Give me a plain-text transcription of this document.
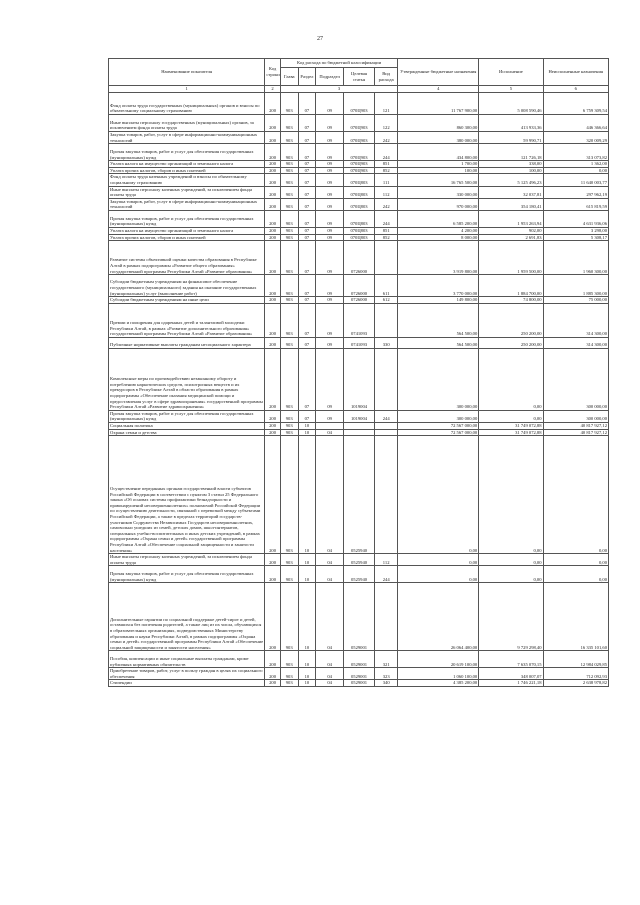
27
Наименование показателя	Код строки	Код расхода по бюджетной классификации					Утвержденные бюджетные назначения	Исполнение	Неисполненные назначения
		Глава	Раздел	Подраздел	Целевая статья	Вид расхода			
1	2	3					4	5	6
Фонд оплаты труда государственных (муниципальных) органов и взносы по обязательному социальному страхованию	200	903	07	09	070Ц903	121	11 767 900,00	5 008 590,46	6 759 309,54
Иные выплаты персоналу государственных (муниципальных) органов, за исключением фонда оплаты труда	200	903	07	09	070Ц903	122	860 300,00	413 933,36	446 366,64
Закупка товаров, работ, услуг в сфере информационно-коммуникационных технологий	200	903	07	09	070Ц903	242	380 000,00	59 990,71	320 009,29
Прочая закупка товаров, работ и услуг для обеспечения государственных (муниципальных) нужд	200	903	07	09	070Ц903	244	434 800,00	121 726,18	313 073,82
Уплата налога на имущество организаций и земельного налога	200	903	07	09	070Ц903	851	1 700,00	338,00	1 362,00
Уплата прочих налогов, сборов и иных платежей	200	903	07	09	070Ц903	852	100,00	100,00	0,00
Фонд оплаты труда казенных учреждений и взносы по обязательному социальному страхованию	200	903	07	09	070Ц803	111	16 765 500,00	5 125 496,23	11 640 003,77
Иные выплаты персоналу казенных учреждений, за исключением фонда оплаты труда	200	903	07	09	070Ц803	112	330 000,00	32 037,81	297 962,19
Закупка товаров, работ, услуг в сфере информационно-коммуникационных технологий	200	903	07	09	070Ц803	242	970 000,00	354 180,41	615 819,59
Прочая закупка товаров, работ и услуг для обеспечения государственных (муниципальных) нужд	200	903	07	09	070Ц803	244	6 585 200,00	1 953 263,94	4 631 936,06
Уплата налога на имущество организаций и земельного налога	200	903	07	09	070Ц803	851	4 200,00	902,00	3 298,00
Уплата прочих налогов, сборов и иных платежей	200	903	07	09	070Ц803	852	8 000,00	2 691,83	5 308,17
Развитие системы объективной оценки качества образования в Республике Алтай в рамках подпрограммы «Развитие общего образования» государственной программы Республики Алтай «Развитие образования»	200	903	07	09	0726000		3 919 800,00	1 959 500,00	1 960 300,00
Субсидии бюджетным учреждениям на финансовое обеспечение государственного (муниципального) задания на оказание государственных (муниципальных) услуг (выполнение работ)	200	903	07	09	0726000	611	3 770 000,00	1 884 700,00	1 885 300,00
Субсидии бюджетным учреждениям на иные цели	200	903	07	09	0726000	612	149 800,00	74 800,00	75 000,00
Премии и поощрения для одаренных детей и талантливой молодежи Республики Алтай, в рамках «Развитие дополнительного образования» государственной программы Республики Алтай «Развитие образования»	200	903	07	09	0741093		564 500,00	250 200,00	314 300,00
Публичные нормативные выплаты гражданам несоциального характера	200	903	07	09	0741093	330	564 500,00	250 200,00	314 300,00
Комплексные меры по противодействию незаконному обороту и потреблению наркотических средств, психотропных веществ и их прекурсоров в Республике Алтай в области образования в рамках подпрограммы «Обеспечение оказания медицинской помощи и предоставления услуг в сфере здравоохранения» государственной программы Республики Алтай «Развитие здравоохранения»	200	903	07	09	1019004		300 000,00	0,00	300 000,00
Прочая закупка товаров, работ и услуг для обеспечения государственных (муниципальных) нужд	200	903	07	09	1019004	244	300 000,00	0,00	300 000,00
Социальная политика	200	903	10				72 567 000,00	31 749 072,88	40 817 927,12
Охрана семьи и детства	200	903	10	04			72 567 000,00	31 749 072,88	40 817 927,12
Осуществление переданных органам государственной власти субъектов Российской Федерации в соответствии с пунктом 3 статьи 25 Федерального закона «Об основах системы профилактики безнадзорности и правонарушений несовершеннолетних» полномочий Российской Федерации по осуществлению деятельности, связанной с перевозкой между субъектами Российской Федерации, а также в пределах территорий государств-участников Содружества Независимых Государств несовершеннолетних, самовольно ушедших из семей, детских домов, школ-интернатов, специальных учебно-воспитательных и иных детских учреждений, в рамках подпрограммы «Охрана семьи и детей» государственной программы Республики Алтай «Обеспечение социальной защищенности и занятости населения»	200	903	10	04	0525940		0,00	0,00	0,00
Иные выплаты персоналу казенных учреждений, за исключением фонда оплаты труда	200	903	10	04	0525940	112	0,00	0,00	0,00
Прочая закупка товаров, работ и услуг для обеспечения государственных (муниципальных) нужд	200	903	10	04	0525940	244	0,00	0,00	0,00
Дополнительные гарантии по социальной поддержке детей-сирот и детей, оставшихся без попечения родителей, а также лиц из их числа, обучающихся в образовательных организациях, подведомственных Министерству образования и науки Республики Алтай, в рамках подпрограммы «Охрана семьи и детей» государственной программы Республики Алтай «Обеспечение социальной защищенности и занятости населения»	200	903	10	04	0529001		26 064 400,00	9 729 298,40	16 335 101,60
Пособия, компенсации и иные социальные выплаты гражданам, кроме публичных нормативных обязательств	200	903	10	04	0529001	321	20 619 100,00	7 635 070,15	12 984 029,85
Приобретение товаров, работ, услуг в пользу граждан в целях их социального обеспечения	200	903	10	04	0529001	323	1 060 100,00	348 007,07	712 092,93
Стипендии	200	903	10	04	0529001	340	4 385 200,00	1 746 221,18	2 638 978,82
